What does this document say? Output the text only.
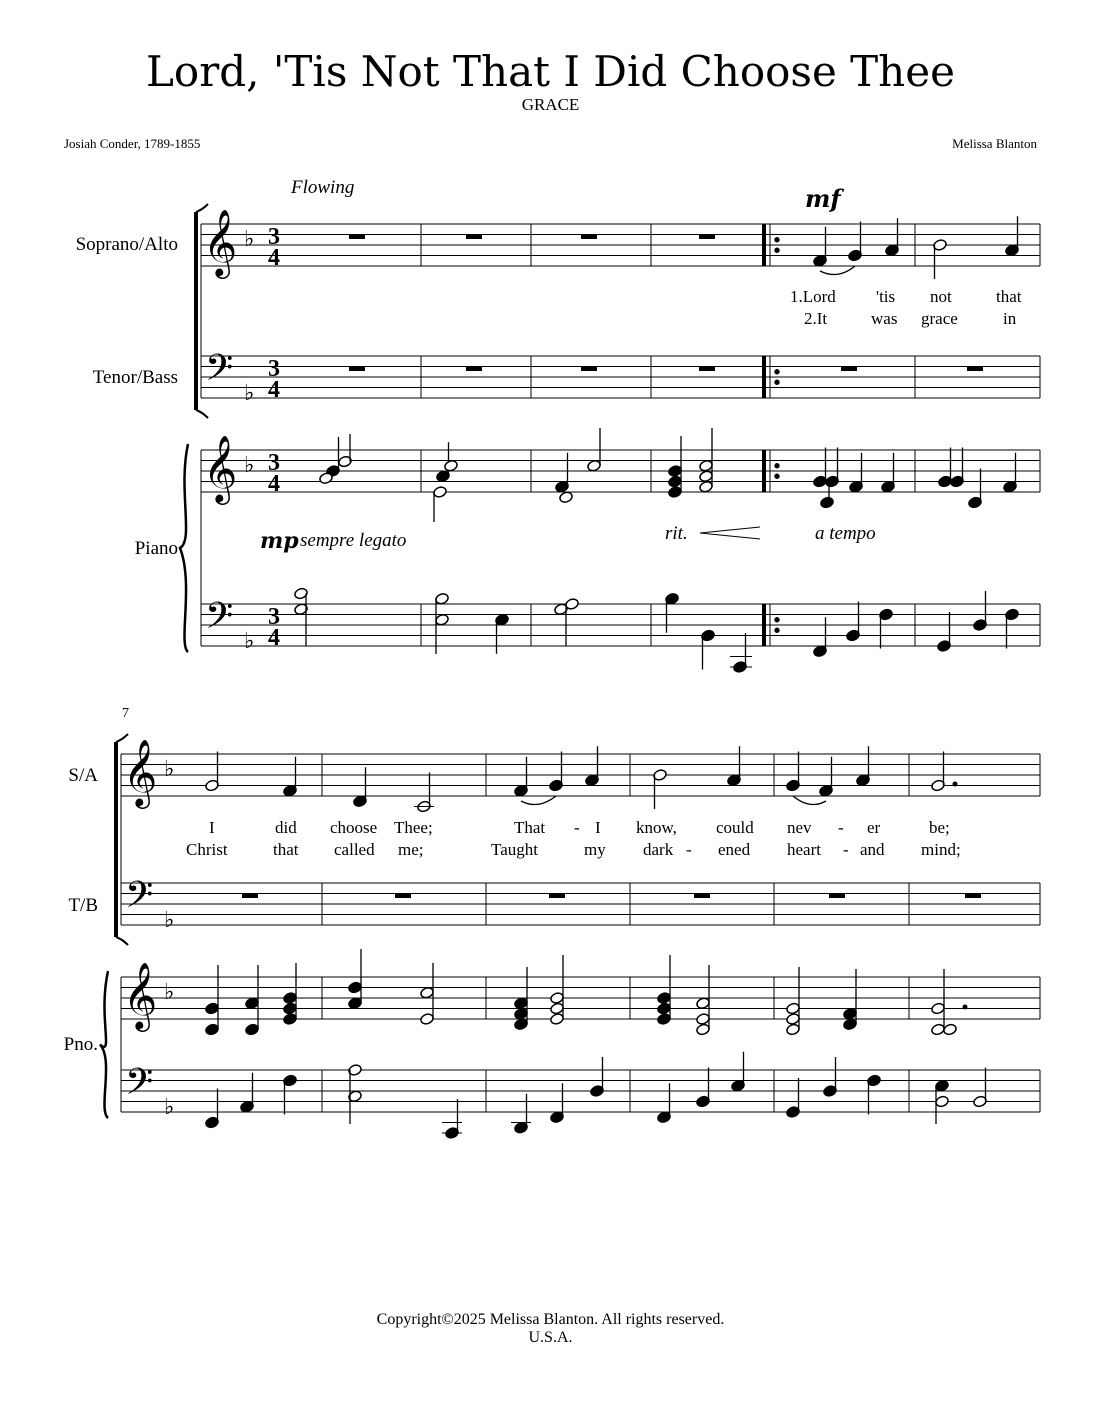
Lord, 'Tis Not That I Did Choose Thee
GRACE
Josiah Conder, 1789-1855	Melissa Blanton
Soprano/Alto
Tenor/Bass
Piano
S/A
T/B
Pno.
Flowing	mf
mp sempre legato	rit.	a tempo
7
1.Lord 'tis not	that
2.It	was grace	in
I	did choose Thee;	That - I know, could nev - er	be;
Christ	that called me;	Taught	my dark - ened heart - and mind;
𝄞
𝄢
𝄞
𝄢
♭
♭
♭
♭
3
4
3
4
3
4
3
4
𝄞
𝄢
𝄞
𝄢
♭
♭
♭
♭
Copyright©2025 Melissa Blanton. All rights reserved.
U.S.A.
